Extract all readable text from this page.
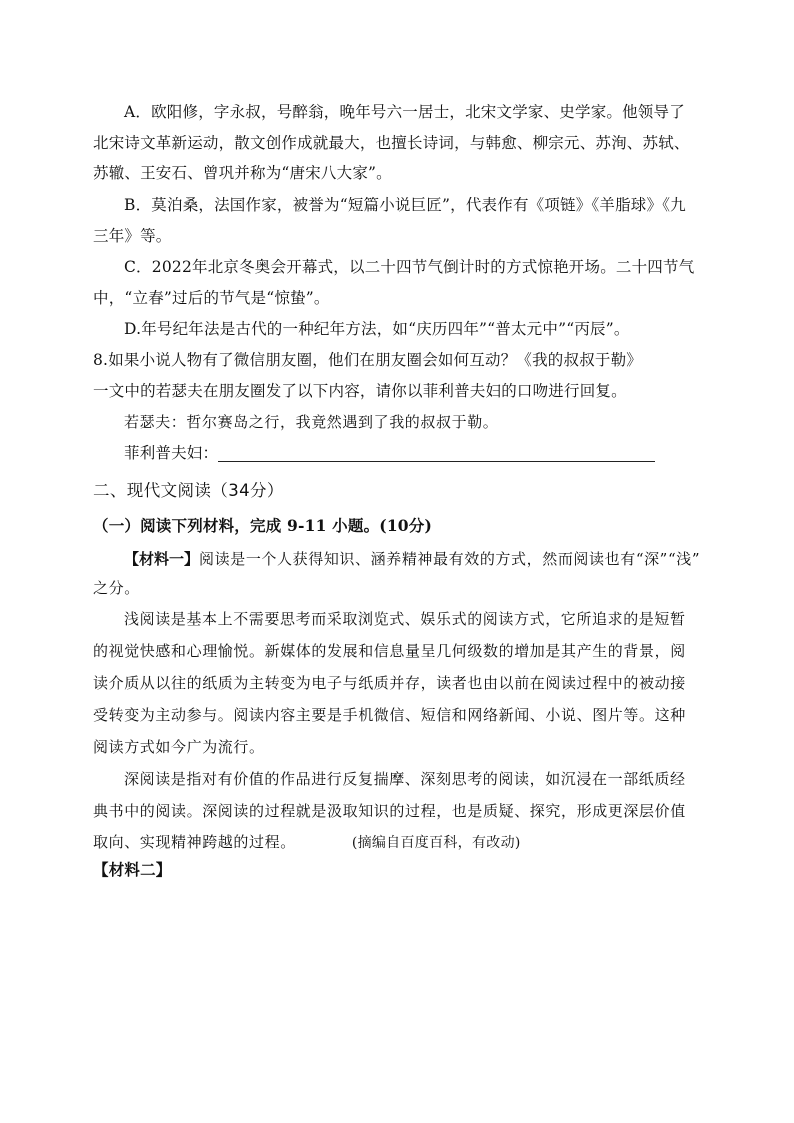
A．欧阳修，字永叔，号醉翁，晚年号六一居士，北宋文学家、史学家。他领导了
北宋诗文革新运动，散文创作成就最大，也擅长诗词，与韩愈、柳宗元、苏洵、苏轼、
苏辙、王安石、曾巩并称为“唐宋八大家”。
B．莫泊桑，法国作家，被誉为“短篇小说巨匠”，代表作有《项链》《羊脂球》《九
三年》等。
C．2022年北京冬奥会开幕式，以二十四节气倒计时的方式惊艳开场。二十四节气
中，“立春”过后的节气是“惊蛰”。
D.年号纪年法是古代的一种纪年方法，如“庆历四年”“普太元中”“丙辰”。
8.如果小说人物有了微信朋友圈，他们在朋友圈会如何互动？《我的叔叔于勒》
一文中的若瑟夫在朋友圈发了以下内容，请你以菲利普夫妇的口吻进行回复。
若瑟夫：哲尔赛岛之行，我竟然遇到了我的叔叔于勒。
菲利普夫妇：
二、现代文阅读（34分）
（一）阅读下列材料，完成 9-11 小题。(10分)
【材料一】阅读是一个人获得知识、涵养精神最有效的方式，然而阅读也有“深”“浅”
之分。
浅阅读是基本上不需要思考而采取浏览式、娱乐式的阅读方式，它所追求的是短暂
的视觉快感和心理愉悦。新媒体的发展和信息量呈几何级数的增加是其产生的背景，阅
读介质从以往的纸质为主转变为电子与纸质并存，读者也由以前在阅读过程中的被动接
受转变为主动参与。阅读内容主要是手机微信、短信和网络新闻、小说、图片等。这种
阅读方式如今广为流行。
深阅读是指对有价值的作品进行反复揣摩、深刻思考的阅读，如沉浸在一部纸质经
典书中的阅读。深阅读的过程就是汲取知识的过程，也是质疑、探究，形成更深层价值
取向、实现精神跨越的过程。	(摘编自百度百科，有改动)
【材料二】
